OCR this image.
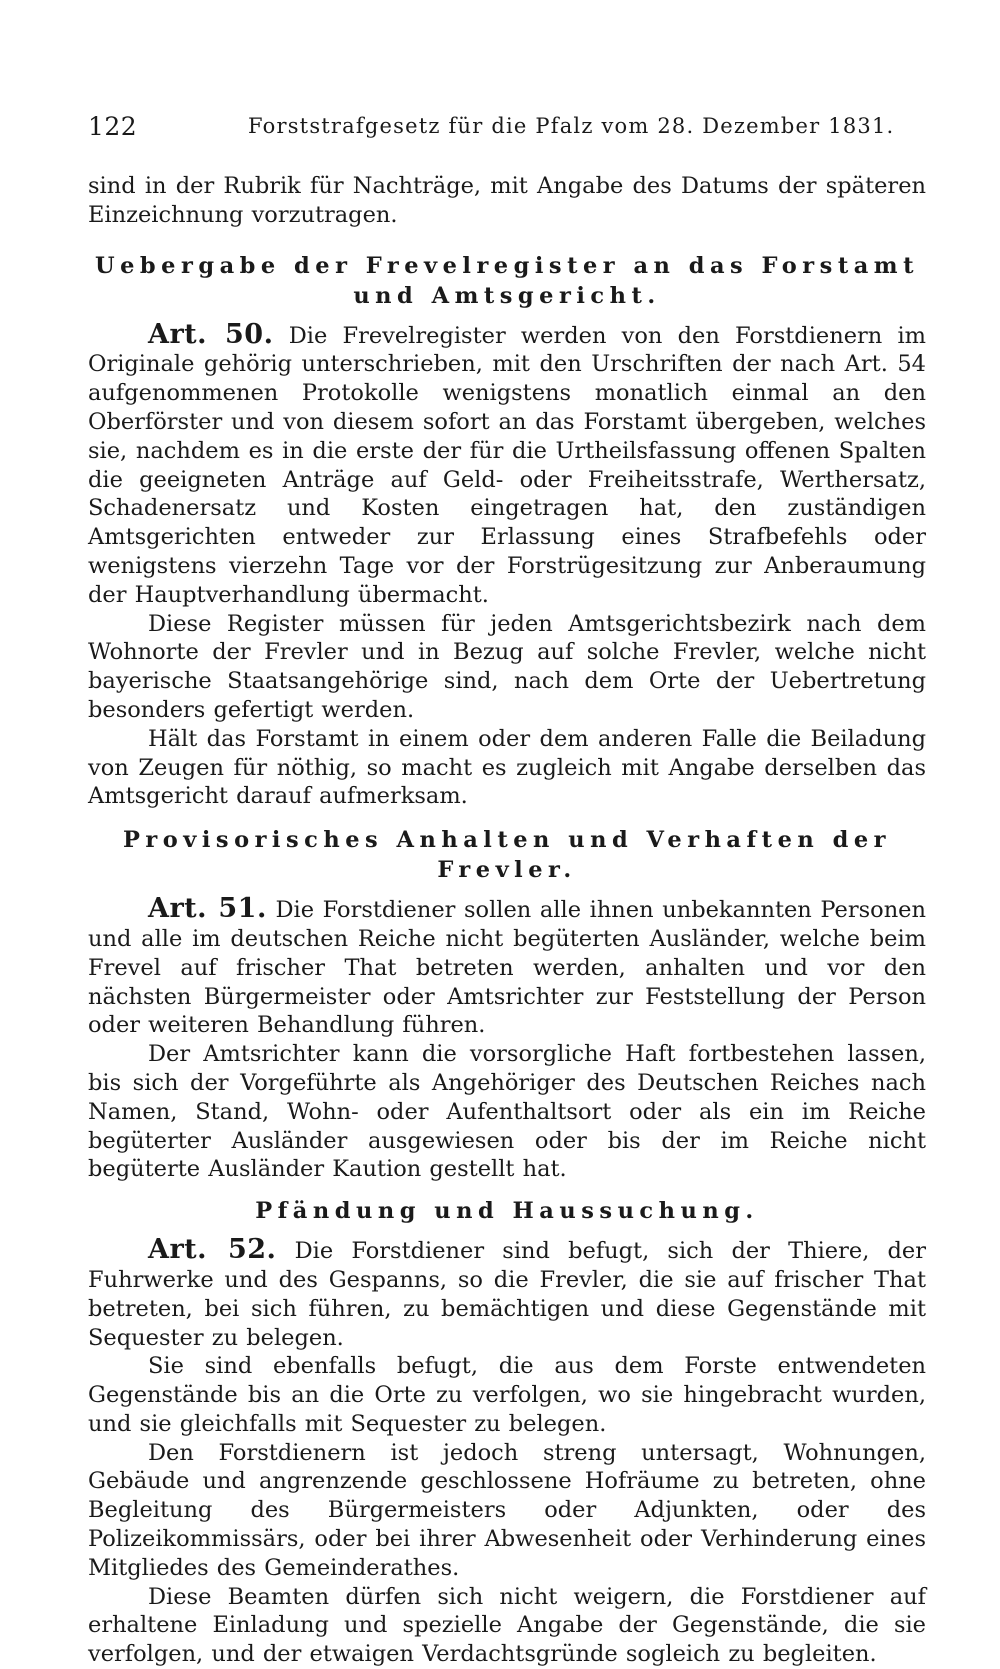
122	Forststrafgesetz für die Pfalz vom 28. Dezember 1831.

sind in der Rubrik für Nachträge, mit Angabe des Datums der späteren Einzeichnung vorzutragen.

Uebergabe der Frevelregister an das Forstamt und Amtsgericht.

Art. 50. Die Frevelregister werden von den Forstdienern im Originale gehörig unterschrieben, mit den Urschriften der nach Art. 54 aufgenommenen Protokolle wenigstens monatlich einmal an den Oberförster und von diesem sofort an das Forstamt übergeben, welches sie, nachdem es in die erste der für die Urtheilsfassung offenen Spalten die geeigneten Anträge auf Geld- oder Freiheitsstrafe, Werthersatz, Schadenersatz und Kosten eingetragen hat, den zuständigen Amtsgerichten entweder zur Erlassung eines Strafbefehls oder wenigstens vierzehn Tage vor der Forstrügesitzung zur Anberaumung der Hauptverhandlung übermacht.

Diese Register müssen für jeden Amtsgerichtsbezirk nach dem Wohnorte der Frevler und in Bezug auf solche Frevler, welche nicht bayerische Staatsangehörige sind, nach dem Orte der Uebertretung besonders gefertigt werden.

Hält das Forstamt in einem oder dem anderen Falle die Beiladung von Zeugen für nöthig, so macht es zugleich mit Angabe derselben das Amtsgericht darauf aufmerksam.

Provisorisches Anhalten und Verhaften der Frevler.

Art. 51. Die Forstdiener sollen alle ihnen unbekannten Personen und alle im deutschen Reiche nicht begüterten Ausländer, welche beim Frevel auf frischer That betreten werden, anhalten und vor den nächsten Bürgermeister oder Amtsrichter zur Feststellung der Person oder weiteren Behandlung führen.

Der Amtsrichter kann die vorsorgliche Haft fortbestehen lassen, bis sich der Vorgeführte als Angehöriger des Deutschen Reiches nach Namen, Stand, Wohn- oder Aufenthaltsort oder als ein im Reiche begüterter Ausländer ausgewiesen oder bis der im Reiche nicht begüterte Ausländer Kaution gestellt hat.

Pfändung und Haussuchung.

Art. 52. Die Forstdiener sind befugt, sich der Thiere, der Fuhrwerke und des Gespanns, so die Frevler, die sie auf frischer That betreten, bei sich führen, zu bemächtigen und diese Gegenstände mit Sequester zu belegen.

Sie sind ebenfalls befugt, die aus dem Forste entwendeten Gegenstände bis an die Orte zu verfolgen, wo sie hingebracht wurden, und sie gleichfalls mit Sequester zu belegen.

Den Forstdienern ist jedoch streng untersagt, Wohnungen, Gebäude und angrenzende geschlossene Hofräume zu betreten, ohne Begleitung des Bürgermeisters oder Adjunkten, oder des Polizeikommissärs, oder bei ihrer Abwesenheit oder Verhinderung eines Mitgliedes des Gemeinderathes.

Diese Beamten dürfen sich nicht weigern, die Forstdiener auf erhaltene Einladung und spezielle Angabe der Gegenstände, die sie verfolgen, und der etwaigen Verdachtsgründe sogleich zu begleiten.
